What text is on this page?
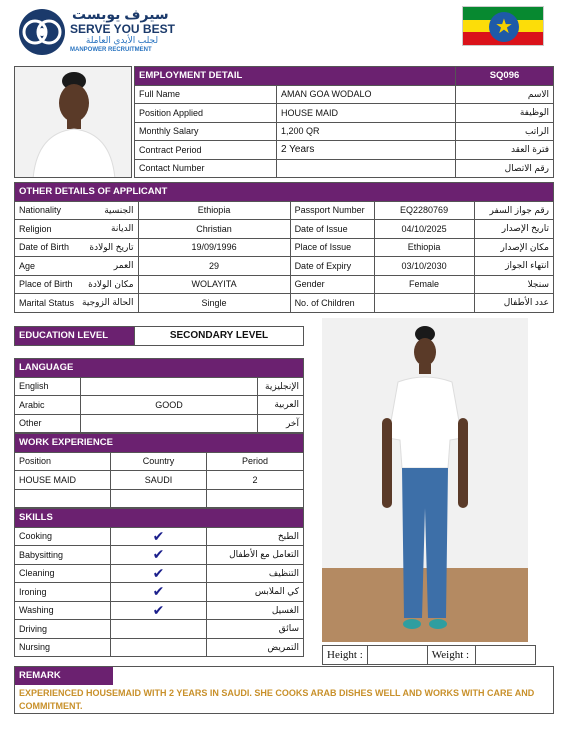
سيرف يوبست
SERVE YOU BEST
لجلب الأيدي العاملة
MANPOWER RECRUITMENT
★
EMPLOYMENT DETAIL		SQ096
Full Name	AMAN GOA WODALO	الاسم
Position Applied	HOUSE MAID	الوظيفة
Monthly Salary	1,200 QR	الراتب
Contract Period	2 Years	فترة العقد
Contact Number		رقم الاتصال
OTHER DETAILS OF APPLICANT					
Nationality	الجنسية	Ethiopia	Passport Number	EQ2280769	رقم جواز السفر
Religion	الديانة	Christian	Date of Issue	04/10/2025	تاريخ الإصدار
Date of Birth	تاريخ الولادة	19/09/1996	Place of Issue	Ethiopia	مكان الإصدار
Age	العمر	29	Date of Expiry	03/10/2030	انتهاء الجواز
Place of Birth	مكان الولادة	WOLAYITA	Gender	Female	سنجلا
Marital Status	الحالة الزوجية	Single	No. of Children		عدد الأطفال
EDUCATION LEVEL	SECONDARY LEVEL
LANGUAGE		
English		الإنجليزية
Arabic	GOOD	العربية
Other		آخر
WORK EXPERIENCE		
Position	Country	Period
HOUSE MAID	SAUDI	2

SKILLS		
Cooking	✔	الطبخ
Babysitting	✔	التعامل مع الأطفال
Cleaning	✔	التنظيف
Ironing	✔	كي الملابس
Washing	✔	الغسيل
Driving		سائق
Nursing		التمريض
Height :		Weight :	
REMARK
EXPERIENCED HOUSEMAID WITH 2 YEARS IN SAUDI. SHE COOKS ARAB DISHES WELL AND WORKS WITH CARE AND COMMITMENT.
